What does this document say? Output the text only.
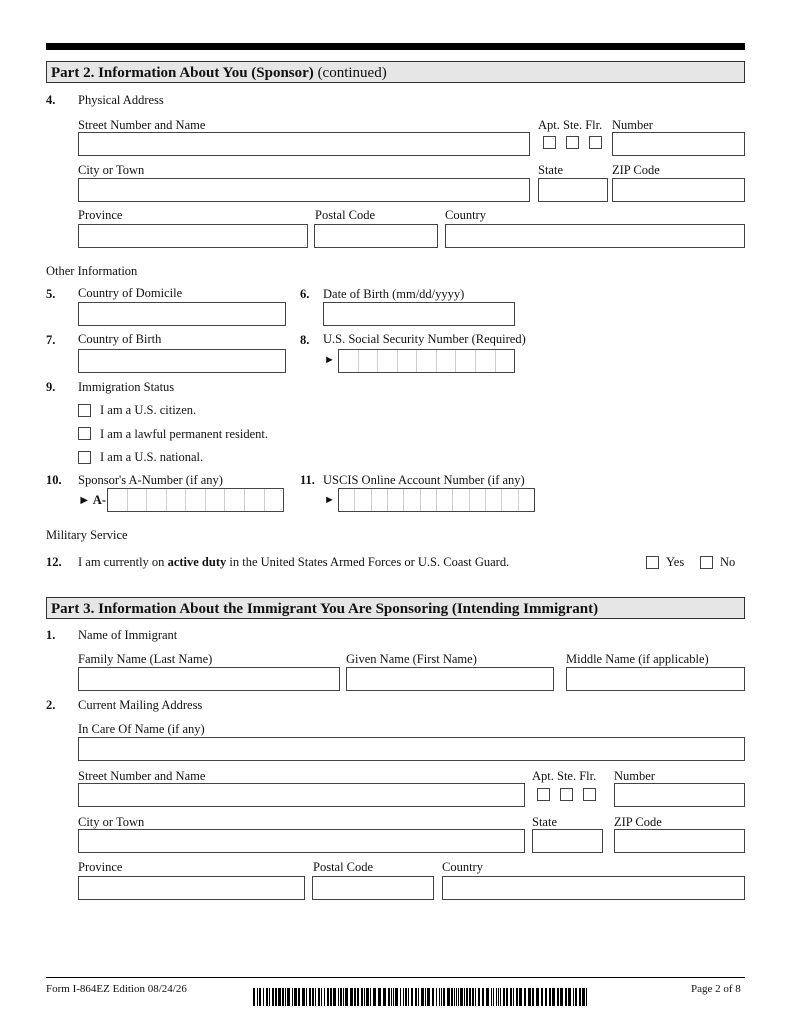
Part 2. Information About You (Sponsor) (continued)
4. Physical Address
Street Number and Name	Apt. Ste. Flr. Number
City or Town	State	ZIP Code
Province	Postal Code	Country
Other Information
5. Country of Domicile	6. Date of Birth (mm/dd/yyyy)
7. Country of Birth	8. U.S. Social Security Number (Required)
►
9. Immigration Status
I am a U.S. citizen.
I am a lawful permanent resident.
I am a U.S. national.
10. Sponsor's A-Number (if any)
► A-
11. USCIS Online Account Number (if any)
►
Military Service
12. I am currently on active duty in the United States Armed Forces or U.S. Coast Guard.	Yes	No
Part 3. Information About the Immigrant You Are Sponsoring (Intending Immigrant)
1. Name of Immigrant
Family Name (Last Name)	Given Name (First Name)	Middle Name (if applicable)
2. Current Mailing Address
In Care Of Name (if any)
Street Number and Name	Apt. Ste. Flr. Number
City or Town	State	ZIP Code
Province	Postal Code	Country
Form I-864EZ Edition 08/24/26	Page 2 of 8
